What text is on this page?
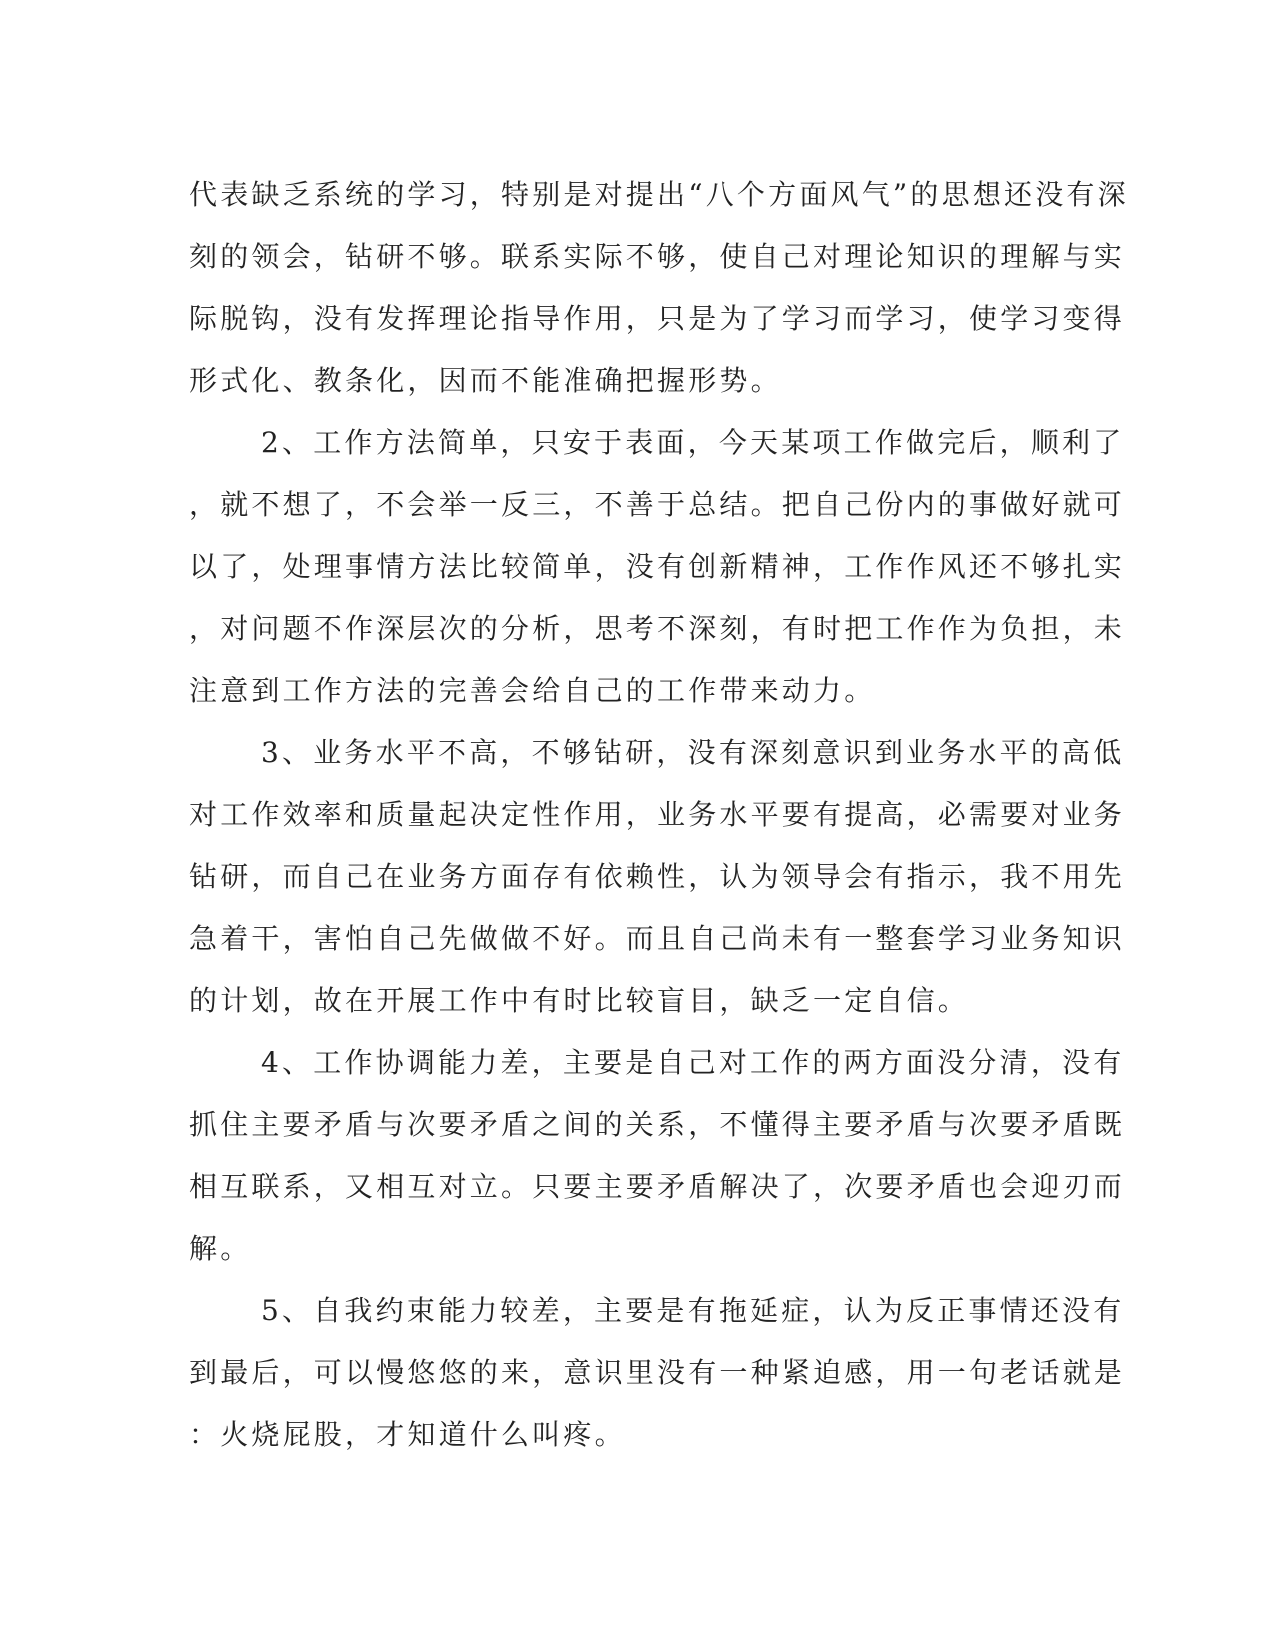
代表缺乏系统的学习，特别是对提出“八个方面风气”的思想还没有深
刻的领会，钻研不够。联系实际不够，使自己对理论知识的理解与实
际脱钩，没有发挥理论指导作用，只是为了学习而学习，使学习变得
形式化、教条化，因而不能准确把握形势。

2、工作方法简单，只安于表面，今天某项工作做完后，顺利了
，就不想了，不会举一反三，不善于总结。把自己份内的事做好就可
以了，处理事情方法比较简单，没有创新精神，工作作风还不够扎实
，对问题不作深层次的分析，思考不深刻，有时把工作作为负担，未
注意到工作方法的完善会给自己的工作带来动力。

3、业务水平不高，不够钻研，没有深刻意识到业务水平的高低
对工作效率和质量起决定性作用，业务水平要有提高，必需要对业务
钻研，而自己在业务方面存有依赖性，认为领导会有指示，我不用先
急着干，害怕自己先做做不好。而且自己尚未有一整套学习业务知识
的计划，故在开展工作中有时比较盲目，缺乏一定自信。

4、工作协调能力差，主要是自己对工作的两方面没分清，没有
抓住主要矛盾与次要矛盾之间的关系，不懂得主要矛盾与次要矛盾既
相互联系，又相互对立。只要主要矛盾解决了，次要矛盾也会迎刃而
解。

5、自我约束能力较差，主要是有拖延症，认为反正事情还没有
到最后，可以慢悠悠的来，意识里没有一种紧迫感，用一句老话就是
：火烧屁股，才知道什么叫疼。
